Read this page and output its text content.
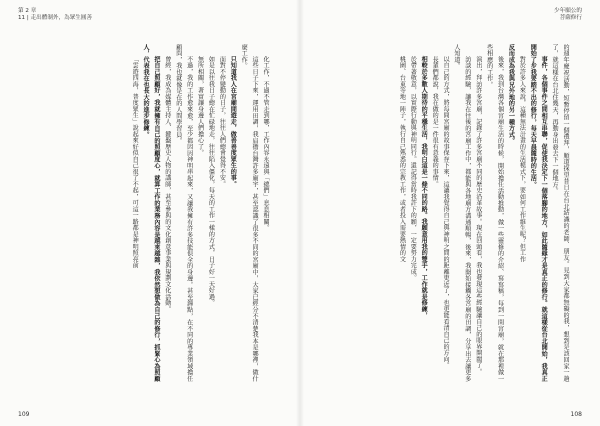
第 2 章
11 | 走出體制外，為眾生圓善

化工作，不過不管走到哪，工作內容永遠與「總們」息息相關。

這些日子下來，運用田調，我肩擔台灣許多廟宇，甚至認識了很多不同的宮廟中，大家已經分不清楚我本是哪裡，做什麼工作。

只知道我人在宮廟間遊走，做善善度眾生的事。

面對不停變動的日子，往往人們總會覺得不安。

如是以往我日子總在忙碌地走，往往陷入僵化，每天的工作一樣的方式，日子好一天好過。

無所相關，著實讓身邊人們擔心了。

不過，我的工作愈來愈，至少都因因神明串起來，又讓我擁有許多技能俱全的身邊。甚至鐘點，在不同的專業領域擔任顧問，我也就像是在的人間學習員。

曾經，我成為媒體主持人、鍵盤歷史人物的講師，甚至參與的文化創意事業與規劃文化活動。

把自己照顧好，我就擁有自己的照顧度心，就算工作的業務內容是越來越雜，我依然想做為自己的修行，抓緊心為照顧人，代表我在也長大的進步修練。

「雲遊四海，普度眾生」說起來好似自己很了不起，可這一路都是神明照亮前

109
少年願公的
菩薩修行

的週年慶祝活動，短暫停留一個禮拜，順道探望昔日在台北結識的老師、朋友。見到大家都無礙的我，想到是該回家一趟了，就這樣在台北住幾天，再動身出發去下一個地方。

事件，各個事件之間相互串聯，促使我決定下一個落腳的地方，如此隨緣才是真正的修行。就這樣從台北開始，我真正開始了步我要踏不出的修行，每天早晨隨時的生活。

對於許多人來說，這種無法計畫的生活模式下，要如何工作維生呢？但工作

反而成為我與兄外地的另一種方式。

後來，我到台灣各個宮廟生活的時候，開始擔任活動推動，做一些靈修的介紹、寫寫稿，每到一間宮廟，就在那裡做一些相應的工作。

演出，拜訪許多宮廟，記錄了許多宮廟不同的歷史沿革故事。現在回頭看，我也發現這些經驗讓自己的眼界開闊了。

訪談的經驗，讓我在往後的宮廟工作中，都能與各地廟方溝通順暢，後來，我開始接觸各宮廟的田調，分享出去讓更多人知道。

以自己的方式，將每間宮廟的故事保存下來，這讓我覺得自己與神明之間的距離更近了，也更能看清自己的方向。

長輩們都說，我在做的是一件很有意義的事情。

相較於多數人期待的平穩生活，我明白這是一條不同的路。我願意用我的雙手，工作就是修練，

於帶著敬意，以實際行動與神明同行。還記得當時我許下的願，一定要努力完成。

桃園、台東等地一陣子，執行自己熟悉的宗教工作，或者投入需要熱情的文

108
